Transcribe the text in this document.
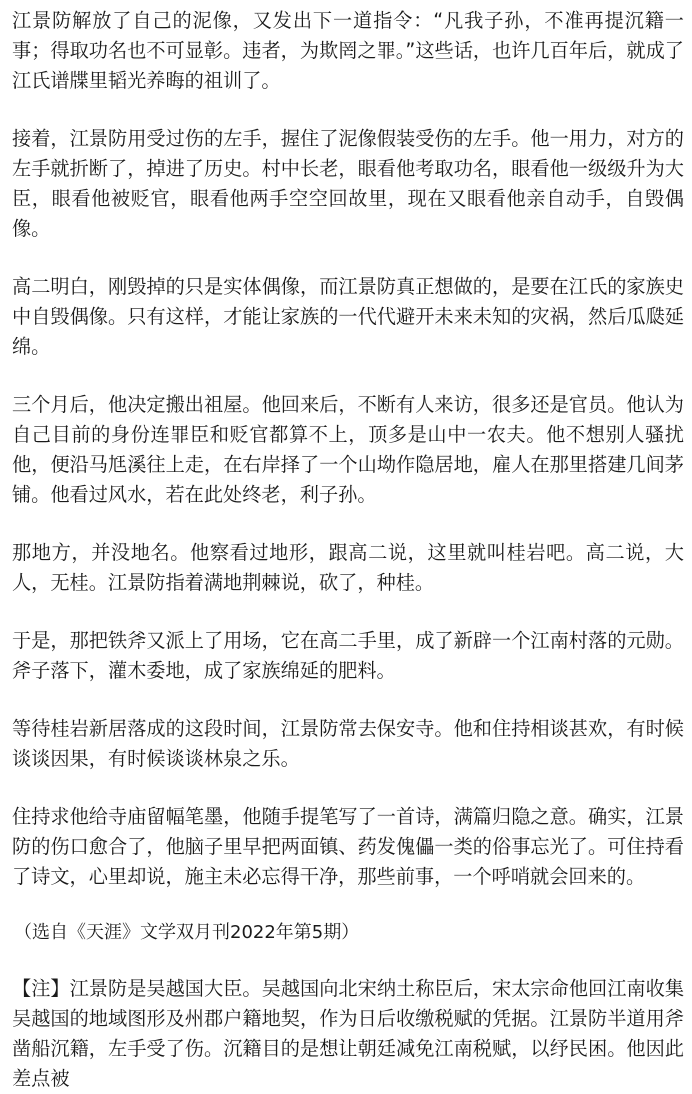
江景防解放了自己的泥像，又发出下一道指令：“凡我子孙，不准再提沉籍一事；得取功名也不可显彰。违者，为欺罔之罪。”这些话，也许几百年后，就成了江氏谱牒里韬光养晦的祖训了。

接着，江景防用受过伤的左手，握住了泥像假装受伤的左手。他一用力，对方的左手就折断了，掉进了历史。村中长老，眼看他考取功名，眼看他一级级升为大臣，眼看他被贬官，眼看他两手空空回故里，现在又眼看他亲自动手，自毁偶像。

高二明白，刚毁掉的只是实体偶像，而江景防真正想做的，是要在江氏的家族史中自毁偶像。只有这样，才能让家族的一代代避开未来未知的灾祸，然后瓜瓞延绵。

三个月后，他决定搬出祖屋。他回来后，不断有人来访，很多还是官员。他认为自己目前的身份连罪臣和贬官都算不上，顶多是山中一农夫。他不想别人骚扰他，便沿马尪溪往上走，在右岸择了一个山坳作隐居地，雇人在那里搭建几间茅铺。他看过风水，若在此处终老，利子孙。

那地方，并没地名。他察看过地形，跟高二说，这里就叫桂岩吧。高二说，大人，无桂。江景防指着满地荆棘说，砍了，种桂。

于是，那把铁斧又派上了用场，它在高二手里，成了新辟一个江南村落的元勋。斧子落下，灌木委地，成了家族绵延的肥料。

等待桂岩新居落成的这段时间，江景防常去保安寺。他和住持相谈甚欢，有时候谈谈因果，有时候谈谈林泉之乐。

住持求他给寺庙留幅笔墨，他随手提笔写了一首诗，满篇归隐之意。确实，江景防的伤口愈合了，他脑子里早把两面镇、药发傀儡一类的俗事忘光了。可住持看了诗文，心里却说，施主未必忘得干净，那些前事，一个呼哨就会回来的。

（选自《天涯》文学双月刊2022年第5期）

【注】江景防是吴越国大臣。吴越国向北宋纳土称臣后，宋太宗命他回江南收集吴越国的地域图形及州郡户籍地契，作为日后收缴税赋的凭据。江景防半道用斧凿船沉籍，左手受了伤。沉籍目的是想让朝廷减免江南税赋，以纾民困。他因此差点被
